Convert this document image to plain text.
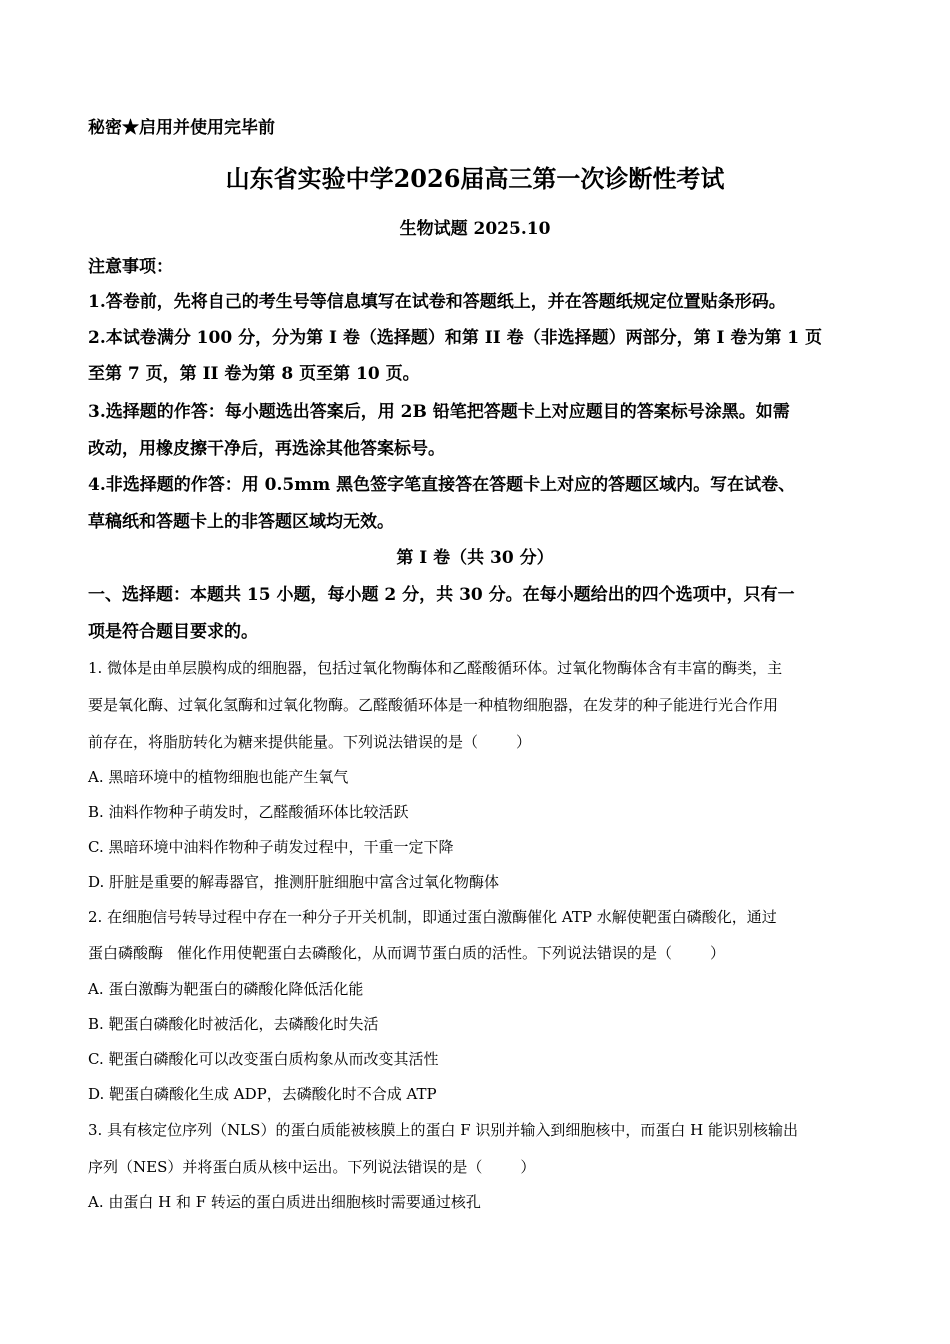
秘密★启用并使用完毕前
山东省实验中学2026届高三第一次诊断性考试
生物试题 2025.10
注意事项：
1.答卷前，先将自己的考生号等信息填写在试卷和答题纸上，并在答题纸规定位置贴条形码。
2.本试卷满分 100 分，分为第 I 卷（选择题）和第 II 卷（非选择题）两部分，第 I 卷为第 1 页
至第 7 页，第 II 卷为第 8 页至第 10 页。
3.选择题的作答：每小题选出答案后，用 2B 铅笔把答题卡上对应题目的答案标号涂黑。如需
改动，用橡皮擦干净后，再选涂其他答案标号。
4.非选择题的作答：用 0.5mm 黑色签字笔直接答在答题卡上对应的答题区域内。写在试卷、
草稿纸和答题卡上的非答题区域均无效。
第 I 卷（共 30 分）
一、选择题：本题共 15 小题，每小题 2 分，共 30 分。在每小题给出的四个选项中，只有一
项是符合题目要求的。
1. 微体是由单层膜构成的细胞器，包括过氧化物酶体和乙醛酸循环体。过氧化物酶体含有丰富的酶类，主
要是氧化酶、过氧化氢酶和过氧化物酶。乙醛酸循环体是一种植物细胞器，在发芽的种子能进行光合作用
前存在，将脂肪转化为糖来提供能量。下列说法错误的是（	）
A. 黑暗环境中的植物细胞也能产生氧气
B. 油料作物种子萌发时，乙醛酸循环体比较活跃
C. 黑暗环境中油料作物种子萌发过程中，干重一定下降
D. 肝脏是重要的解毒器官，推测肝脏细胞中富含过氧化物酶体
2. 在细胞信号转导过程中存在一种分子开关机制，即通过蛋白激酶催化 ATP 水解使靶蛋白磷酸化，通过
蛋白磷酸酶 催化作用使靶蛋白去磷酸化，从而调节蛋白质的活性。下列说法错误的是（	）
A. 蛋白激酶为靶蛋白的磷酸化降低活化能
B. 靶蛋白磷酸化时被活化，去磷酸化时失活
C. 靶蛋白磷酸化可以改变蛋白质构象从而改变其活性
D. 靶蛋白磷酸化生成 ADP，去磷酸化时不合成 ATP
3. 具有核定位序列（NLS）的蛋白质能被核膜上的蛋白 F 识别并输入到细胞核中，而蛋白 H 能识别核输出
序列（NES）并将蛋白质从核中运出。下列说法错误的是（	）
A. 由蛋白 H 和 F 转运的蛋白质进出细胞核时需要通过核孔
